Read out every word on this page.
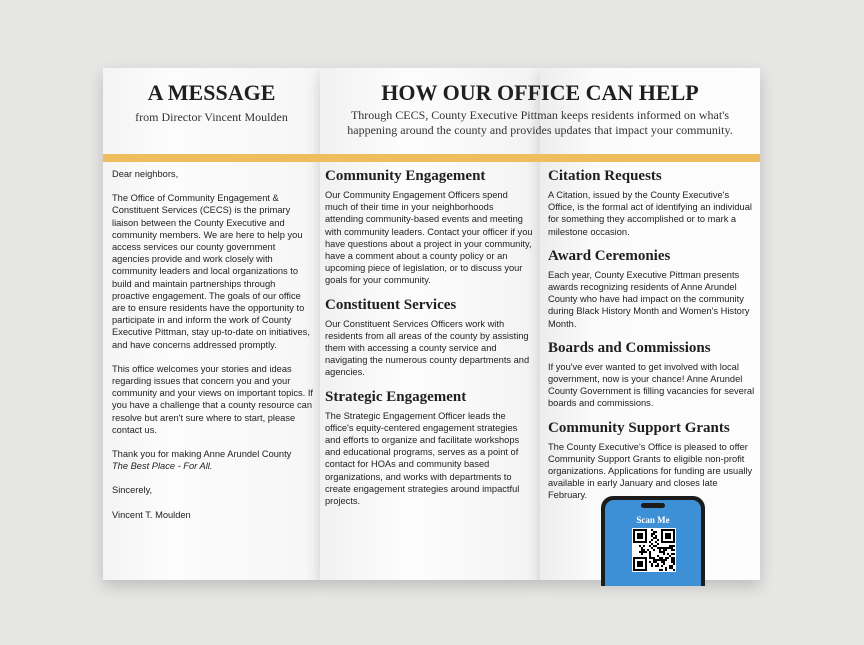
A MESSAGE
from Director Vincent Moulden
HOW OUR OFFICE CAN HELP
Through CECS, County Executive Pittman keeps residents informed on what's happening around the county and provides updates that impact your community.

Dear neighbors,

The Office of Community Engagement & Constituent Services (CECS) is the primary liaison between the County Executive and community members. We are here to help you access services our county government agencies provide and work closely with community leaders and local organizations to build and maintain partnerships through proactive engagement. The goals of our office are to ensure residents have the opportunity to participate in and inform the work of County Executive Pittman, stay up-to-date on initiatives, and have concerns addressed promptly.

This office welcomes your stories and ideas regarding issues that concern you and your community and your views on important topics. If you have a challenge that a county resource can resolve but aren't sure where to start, please contact us.

Thank you for making Anne Arundel County
The Best Place - For All.

Sincerely,

Vincent T. Moulden

Community Engagement

Our Community Engagement Officers spend much of their time in your neighborhoods attending community-based events and meeting with community leaders. Contact your officer if you have questions about a project in your community, have a comment about a county policy or an upcoming piece of legislation, or to discuss your goals for your community.

Constituent Services

Our Constituent Services Officers work with residents from all areas of the county by assisting them with accessing a county service and navigating the numerous county departments and agencies.

Strategic Engagement

The Strategic Engagement Officer leads the office's equity-centered engagement strategies and efforts to organize and facilitate workshops and educational programs, serves as a point of contact for HOAs and community based organizations, and works with departments to create engagement strategies around impactful projects.

Citation Requests

A Citation, issued by the County Executive's Office, is the formal act of identifying an individual for something they accomplished or to mark a milestone occasion.

Award Ceremonies

Each year, County Executive Pittman presents awards recognizing residents of Anne Arundel County who have had impact on the community during Black History Month and Women's History Month.

Boards and Commissions

If you've ever wanted to get involved with local government, now is your chance! Anne Arundel County Government is filling vacancies for several boards and commissions.

Community Support Grants

The County Executive's Office is pleased to offer Community Support Grants to eligible non-profit organizations. Applications for funding are usually available in early January and closes late February.

Scan Me
